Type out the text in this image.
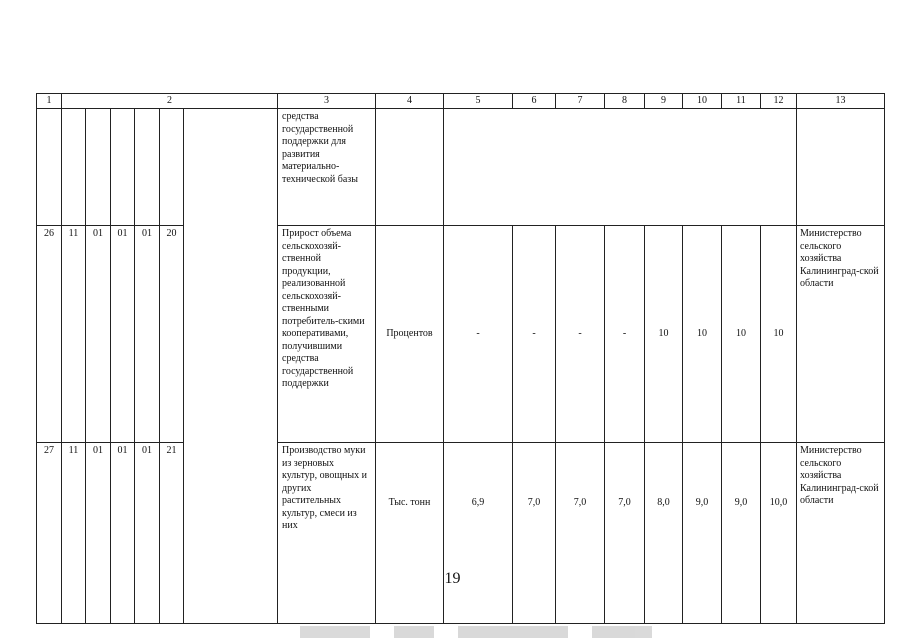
1	2						3	4	5	6	7	8	9	10	11	12	13	
							средства государственной поддержки для развития материально-технической базы											
26	11	01	01	01	20		Прирост объема сельскохозяй-ственной продукции, реализованной сельскохозяй-ственными потребитель-скими кооперативами, получившими средства государственной поддержки	Процентов	-	-	-	-	10	10	10	10	Министерство сельского хозяйства Калининград-ской области	
27	11	01	01	01	21		Производство муки из зерновых культур, овощных и других растительных культур, смеси из них	Тыс. тонн	6,9	7,0	7,0	7,0	8,0	9,0	9,0	10,0	Министерство сельского хозяйства Калининград-ской области	
19
